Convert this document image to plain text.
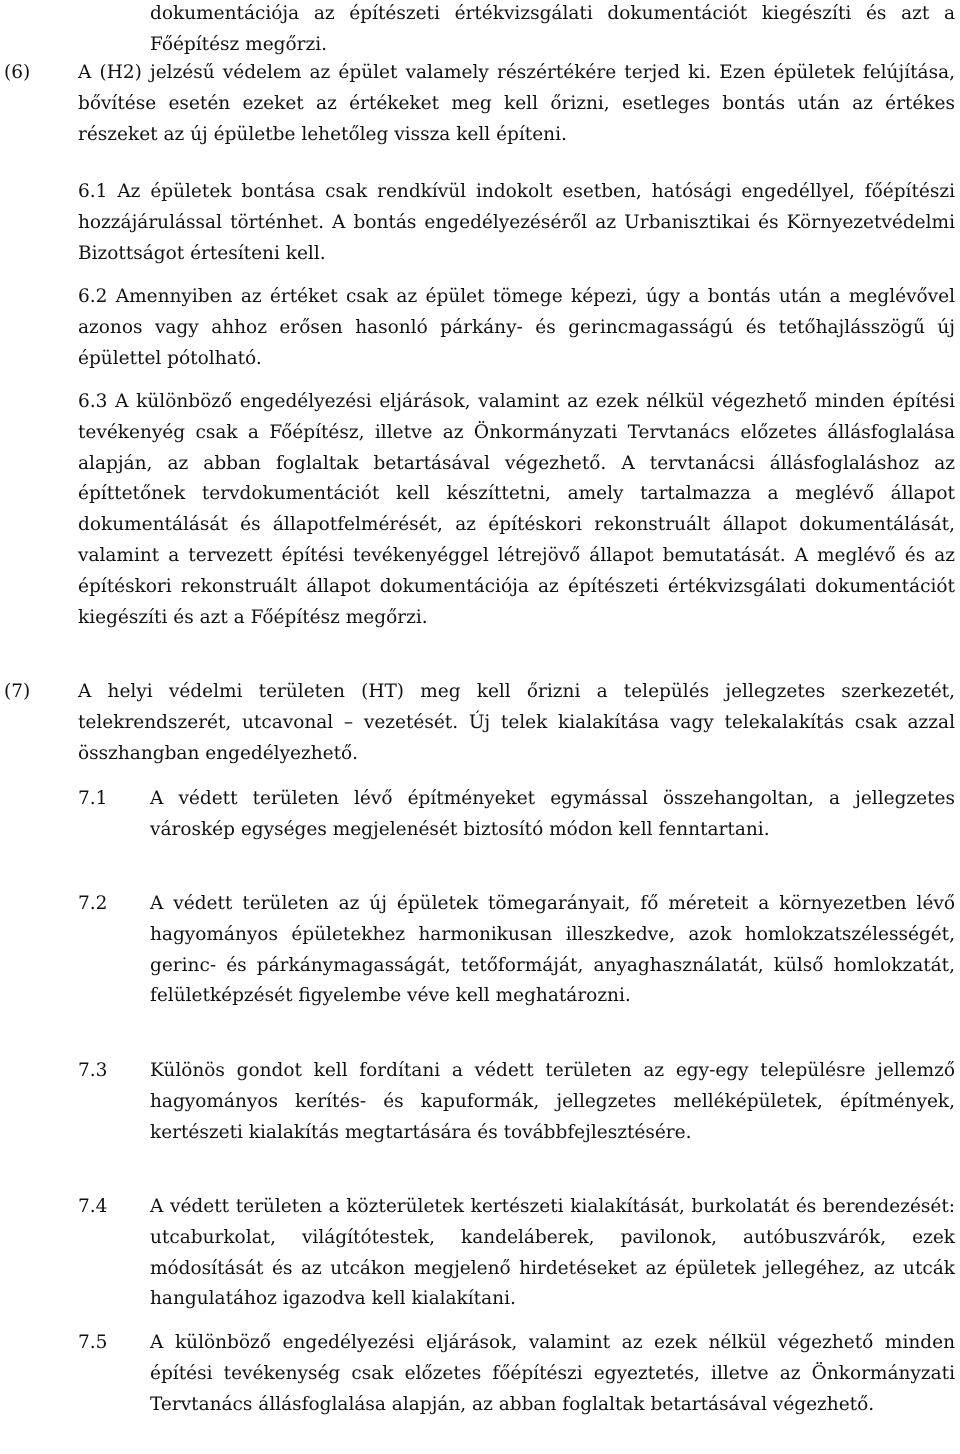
dokumentációja az építészeti értékvizsgálati dokumentációt kiegészíti és azt a Főépítész megőrzi.

(6)	A (H2) jelzésű védelem az épület valamely részértékére terjed ki. Ezen épületek felújítása, bővítése esetén ezeket az értékeket meg kell őrizni, esetleges bontás után az értékes részeket az új épületbe lehetőleg vissza kell építeni.

6.1 Az épületek bontása csak rendkívül indokolt esetben, hatósági engedéllyel, főépítészi hozzájárulással történhet. A bontás engedélyezéséről az Urbanisztikai és Környezetvédelmi Bizottságot értesíteni kell.

6.2 Amennyiben az értéket csak az épület tömege képezi, úgy a bontás után a meglévővel azonos vagy ahhoz erősen hasonló párkány- és gerincmagasságú és tetőhajlásszögű új épülettel pótolható.

6.3 A különböző engedélyezési eljárások, valamint az ezek nélkül végezhető minden építési tevékenyég csak a Főépítész, illetve az Önkormányzati Tervtanács előzetes állásfoglalása alapján, az abban foglaltak betartásával végezhető. A tervtanácsi állásfoglaláshoz az építtetőnek tervdokumentációt kell készíttetni, amely tartalmazza a meglévő állapot dokumentálását és állapotfelmérését, az építéskori rekonstruált állapot dokumentálását, valamint a tervezett építési tevékenyéggel létrejövő állapot bemutatását. A meglévő és az építéskori rekonstruált állapot dokumentációja az építészeti értékvizsgálati dokumentációt kiegészíti és azt a Főépítész megőrzi.

(7)	A helyi védelmi területen (HT) meg kell őrizni a település jellegzetes szerkezetét, telekrendszerét, utcavonal – vezetését. Új telek kialakítása vagy telekalakítás csak azzal összhangban engedélyezhető.

7.1 A védett területen lévő építményeket egymással összehangoltan, a jellegzetes városkép egységes megjelenését biztosító módon kell fenntartani.

7.2 A védett területen az új épületek tömegarányait, fő méreteit a környezetben lévő hagyományos épületekhez harmonikusan illeszkedve, azok homlokzatszélességét, gerinc- és párkánymagasságát, tetőformáját, anyaghasználatát, külső homlokzatát, felületképzését figyelembe véve kell meghatározni.

7.3 Különös gondot kell fordítani a védett területen az egy-egy településre jellemző hagyományos kerítés- és kapuformák, jellegzetes melléképületek, építmények, kertészeti kialakítás megtartására és továbbfejlesztésére.

7.4 A védett területen a közterületek kertészeti kialakítását, burkolatát és berendezését: utcaburkolat, világítótestek, kandeláberek, pavilonok, autóbuszvárók, ezek módosítását és az utcákon megjelenő hirdetéseket az épületek jellegéhez, az utcák hangulatához igazodva kell kialakítani.

7.5 A különböző engedélyezési eljárások, valamint az ezek nélkül végezhető minden építési tevékenység csak előzetes főépítészi egyeztetés, illetve az Önkormányzati Tervtanács állásfoglalása alapján, az abban foglaltak betartásával végezhető.
